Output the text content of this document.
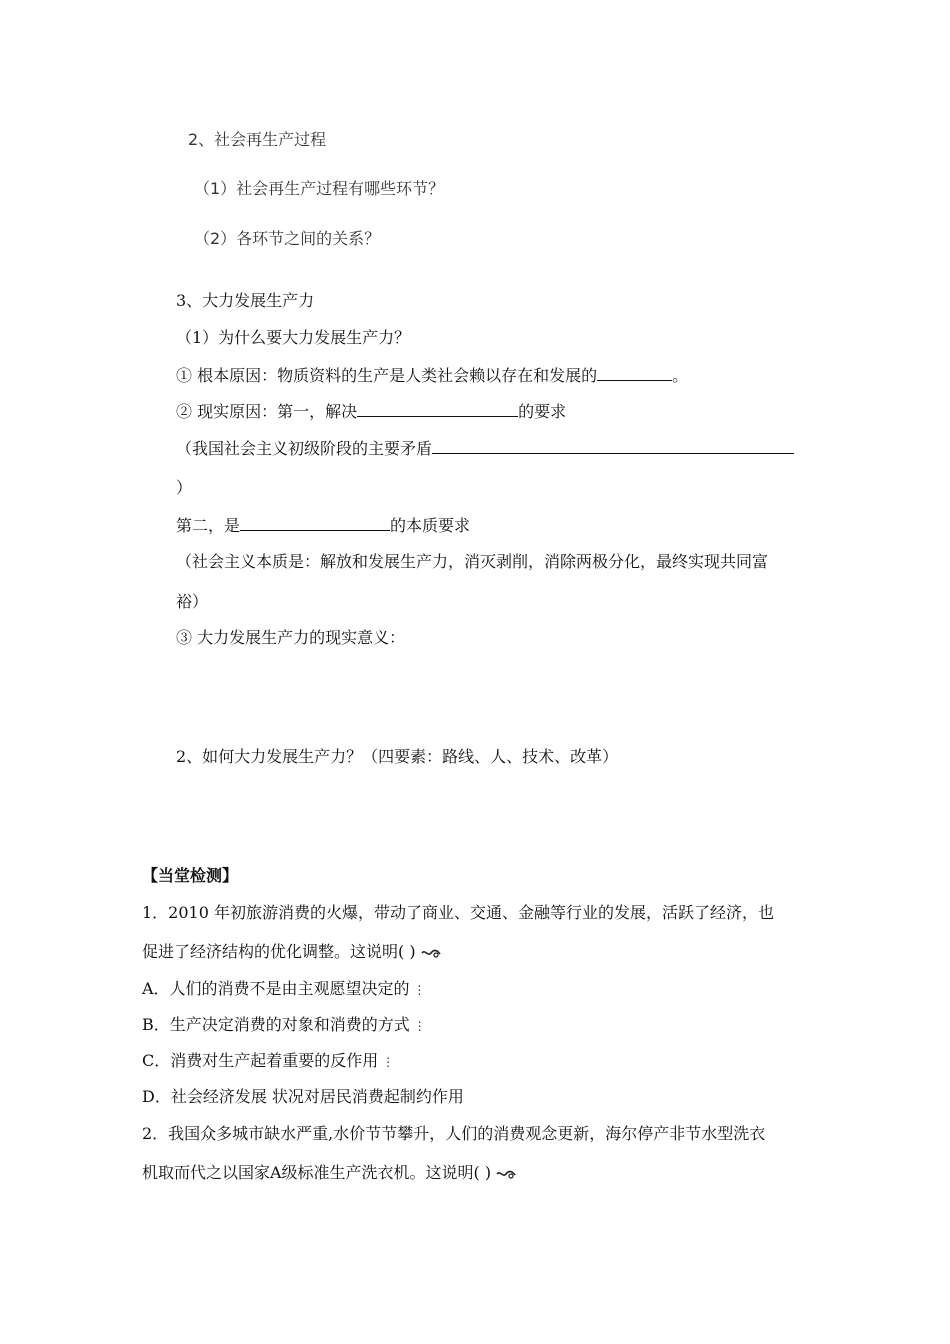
2、社会再生产过程
（1）社会再生产过程有哪些环节？
（2）各环节之间的关系？
3、大力发展生产力
（1）为什么要大力发展生产力？
① 根本原因：物质资料的生产是人类社会赖以存在和发展的	。
② 现实原因：第一，解决	的要求
（我国社会主义初级阶段的主要矛盾
）
第二，是	的本质要求
（社会主义本质是：解放和发展生产力，消灭剥削，消除两极分化，最终实现共同富
裕）
③ 大力发展生产力的现实意义：
2、如何大力发展生产力？（四要素：路线、人、技术、改革）
【当堂检测】
1．2010 年初旅游消费的火爆，带动了商业、交通、金融等行业的发展，活跃了经济，也
促进了经济结构的优化调整。这说明( )
A．人们的消费不是由主观愿望决定的 ⋮
B．生产决定消费的对象和消费的方式 ⋮
C．消费对生产起着重要的反作用 ⋮
D．社会经济发展 状况对居民消费起制约作用
2．我国众多城市缺水严重,水价节节攀升，人们的消费观念更新，海尔停产非节水型洗衣
机取而代之以国家A级标准生产洗衣机。这说明( )
